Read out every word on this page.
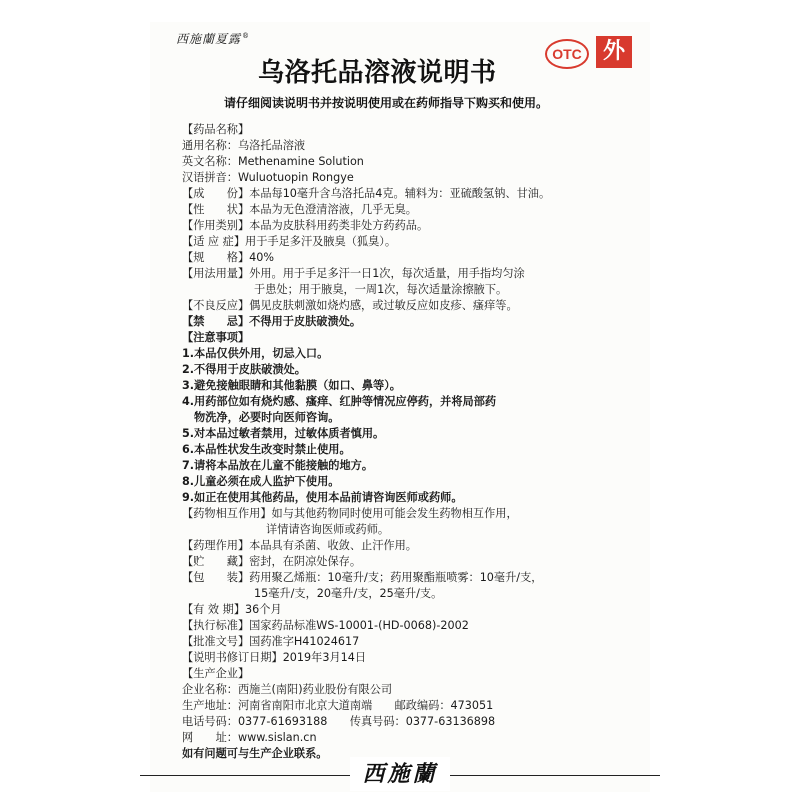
西施蘭夏露®
乌洛托品溶液说明书
OTC 外
请仔细阅读说明书并按说明使用或在药师指导下购买和使用。
【药品名称】
通用名称：乌洛托品溶液
英文名称：Methenamine Solution
汉语拼音：Wuluotuopin Rongye
【成　　份】本品每10毫升含乌洛托品4克。辅料为：亚硫酸氢钠、甘油。
【性　　状】本品为无色澄清溶液，几乎无臭。
【作用类别】本品为皮肤科用药类非处方药药品。
【适 应 症】用于手足多汗及腋臭（狐臭）。
【规　　格】40%
【用法用量】外用。用于手足多汗一日1次，每次适量，用手指均匀涂
于患处；用于腋臭，一周1次，每次适量涂擦腋下。
【不良反应】偶见皮肤刺激如烧灼感，或过敏反应如皮疹、瘙痒等。
【禁　　忌】不得用于皮肤破溃处。
【注意事项】
1.本品仅供外用，切忌入口。
2.不得用于皮肤破溃处。
3.避免接触眼睛和其他黏膜（如口、鼻等）。
4.用药部位如有烧灼感、瘙痒、红肿等情况应停药，并将局部药
物洗净，必要时向医师咨询。
5.对本品过敏者禁用，过敏体质者慎用。
6.本品性状发生改变时禁止使用。
7.请将本品放在儿童不能接触的地方。
8.儿童必须在成人监护下使用。
9.如正在使用其他药品，使用本品前请咨询医师或药师。
【药物相互作用】如与其他药物同时使用可能会发生药物相互作用，
详情请咨询医师或药师。
【药理作用】本品具有杀菌、收敛、止汗作用。
【贮　　藏】密封，在阴凉处保存。
【包　　装】药用聚乙烯瓶：10毫升/支；药用聚酯瓶喷雾：10毫升/支，
15毫升/支，20毫升/支，25毫升/支。
【有 效 期】36个月
【执行标准】国家药品标准WS-10001-(HD-0068)-2002
【批准文号】国药准字H41024617
【说明书修订日期】2019年3月14日
【生产企业】
企业名称：西施兰(南阳)药业股份有限公司
生产地址：河南省南阳市北京大道南端　　邮政编码：473051
电话号码：0377-61693188　　传真号码：0377-63136898
网　　址：www.sislan.cn
如有问题可与生产企业联系。
西施蘭
